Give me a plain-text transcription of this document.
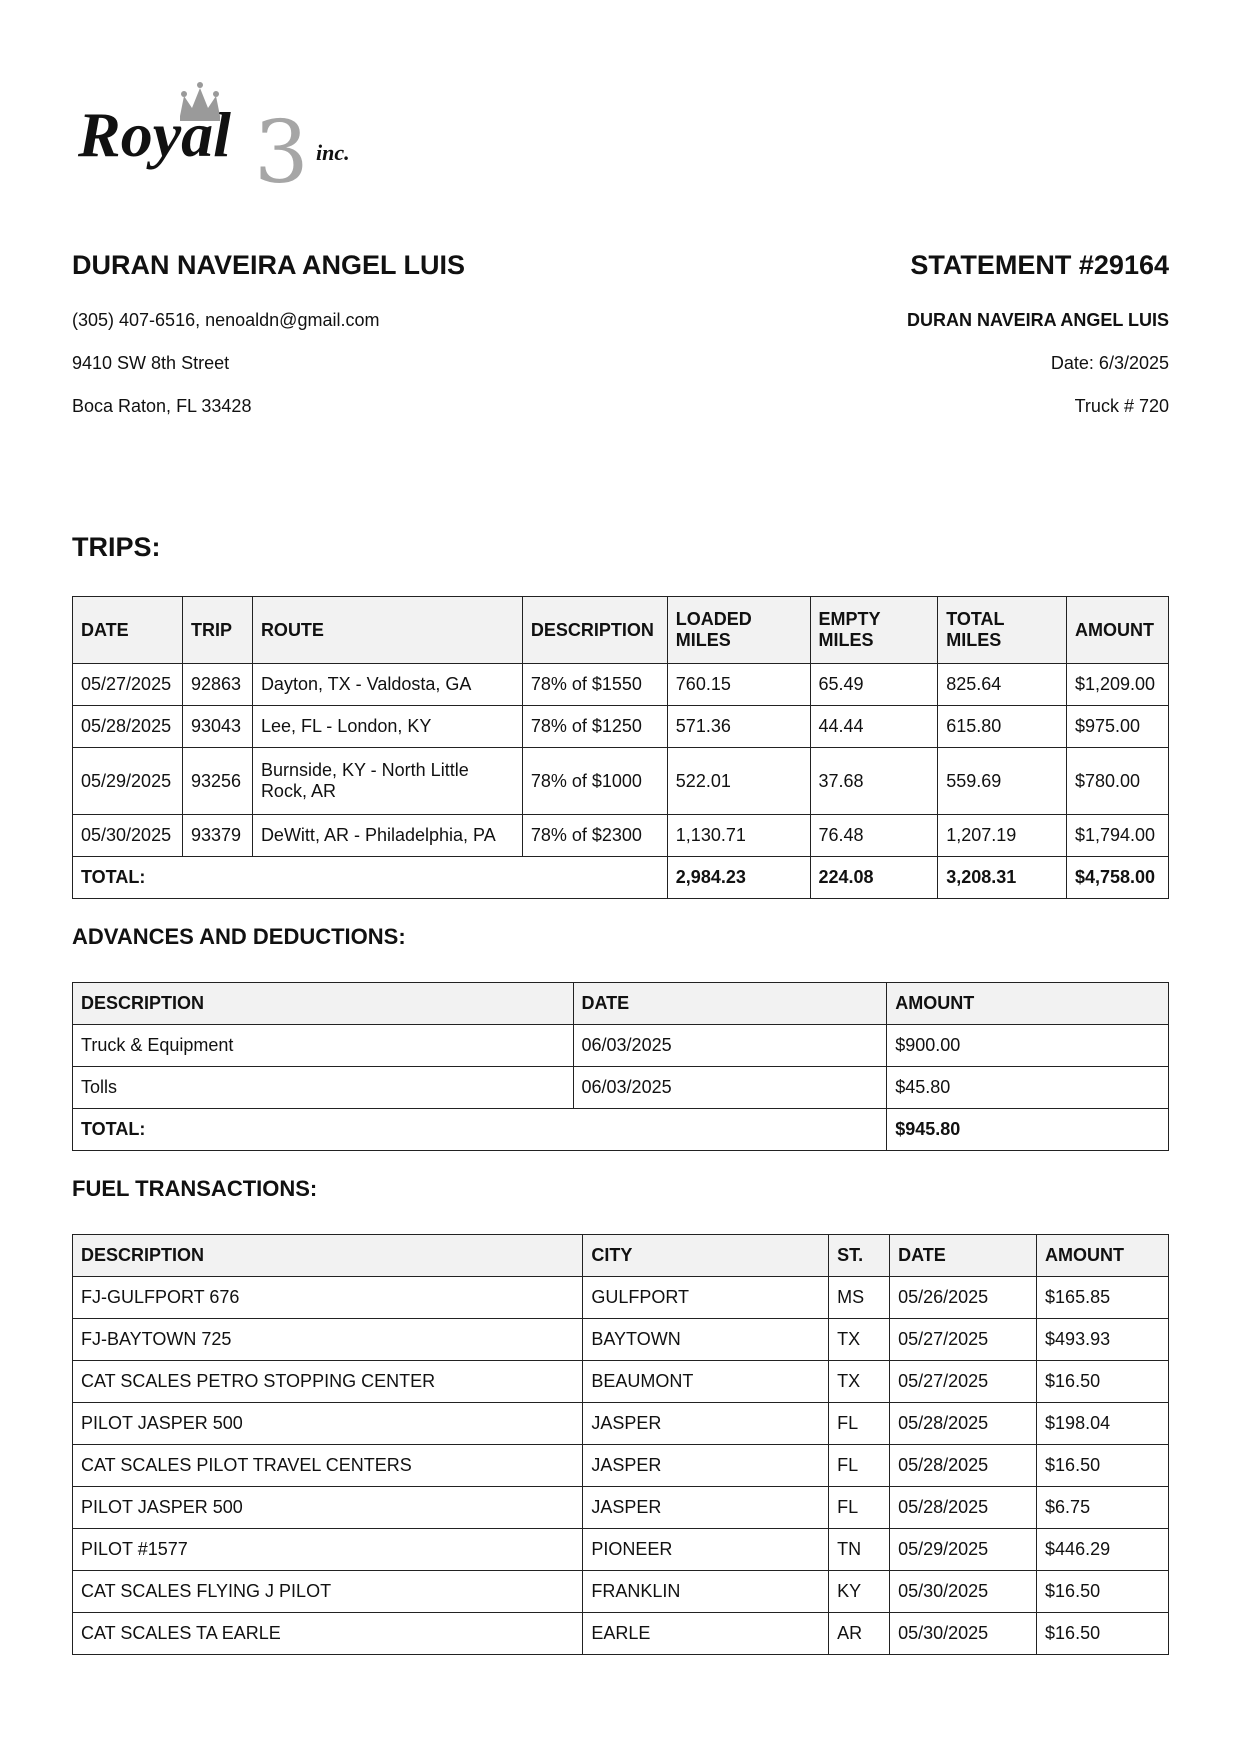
3
Royal	inc.
DURAN NAVEIRA ANGEL LUIS
(305) 407-6516, nenoaldn@gmail.com
9410 SW 8th Street
Boca Raton, FL 33428
STATEMENT #29164
DURAN NAVEIRA ANGEL LUIS
Date: 6/3/2025
Truck # 720
TRIPS:
DATE	TRIP	ROUTE	DESCRIPTION	LOADED MILES	EMPTY MILES	TOTAL MILES	AMOUNT
05/27/2025	92863	Dayton, TX - Valdosta, GA	78% of $1550	760.15	65.49	825.64	$1,209.00
05/28/2025	93043	Lee, FL - London, KY	78% of $1250	571.36	44.44	615.80	$975.00
05/29/2025	93256	Burnside, KY - North Little Rock, AR	78% of $1000	522.01	37.68	559.69	$780.00
05/30/2025	93379	DeWitt, AR - Philadelphia, PA	78% of $2300	1,130.71	76.48	1,207.19	$1,794.00
TOTAL:				2,984.23	224.08	3,208.31	$4,758.00
ADVANCES AND DEDUCTIONS:
DESCRIPTION	DATE	AMOUNT
Truck & Equipment	06/03/2025	$900.00
Tolls	06/03/2025	$45.80
TOTAL:		$945.80
FUEL TRANSACTIONS:
DESCRIPTION	CITY	ST.	DATE	AMOUNT
FJ-GULFPORT 676	GULFPORT	MS	05/26/2025	$165.85
FJ-BAYTOWN 725	BAYTOWN	TX	05/27/2025	$493.93
CAT SCALES PETRO STOPPING CENTER	BEAUMONT	TX	05/27/2025	$16.50
PILOT JASPER 500	JASPER	FL	05/28/2025	$198.04
CAT SCALES PILOT TRAVEL CENTERS	JASPER	FL	05/28/2025	$16.50
PILOT JASPER 500	JASPER	FL	05/28/2025	$6.75
PILOT #1577	PIONEER	TN	05/29/2025	$446.29
CAT SCALES FLYING J PILOT	FRANKLIN	KY	05/30/2025	$16.50
CAT SCALES TA EARLE	EARLE	AR	05/30/2025	$16.50
